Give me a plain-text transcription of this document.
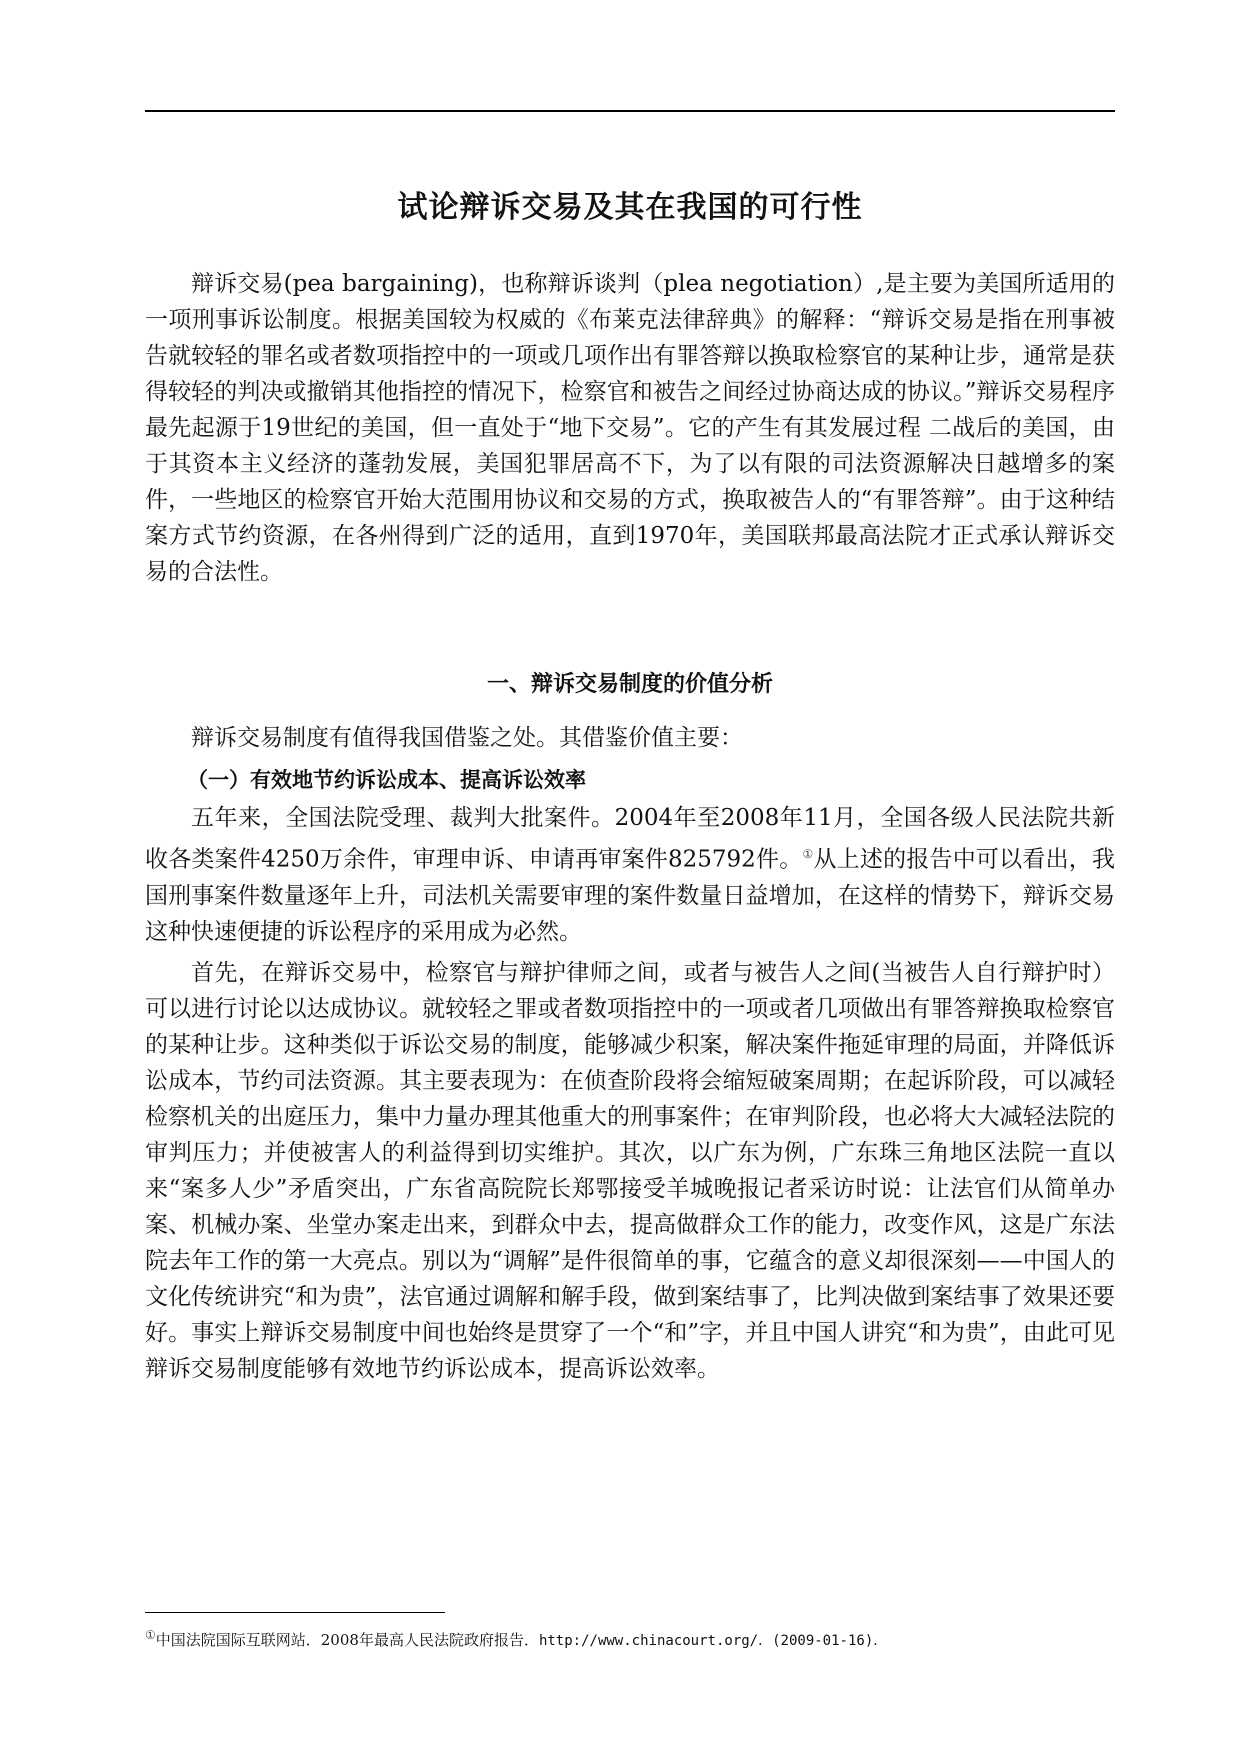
试论辩诉交易及其在我国的可行性

辩诉交易(pea bargaining)，也称辩诉谈判（plea negotiation）,是主要为美国所适用的一项刑事诉讼制度。根据美国较为权威的《布莱克法律辞典》的解释：“辩诉交易是指在刑事被告就较轻的罪名或者数项指控中的一项或几项作出有罪答辩以换取检察官的某种让步，通常是获得较轻的判决或撤销其他指控的情况下，检察官和被告之间经过协商达成的协议。”辩诉交易程序最先起源于19世纪的美国，但一直处于“地下交易”。它的产生有其发展过程 二战后的美国，由于其资本主义经济的蓬勃发展，美国犯罪居高不下，为了以有限的司法资源解决日越增多的案件，一些地区的检察官开始大范围用协议和交易的方式，换取被告人的“有罪答辩”。由于这种结案方式节约资源，在各州得到广泛的适用，直到1970年，美国联邦最高法院才正式承认辩诉交易的合法性。

一、辩诉交易制度的价值分析

辩诉交易制度有值得我国借鉴之处。其借鉴价值主要：

（一）有效地节约诉讼成本、提高诉讼效率

五年来，全国法院受理、裁判大批案件。2004年至2008年11月，全国各级人民法院共新收各类案件4250万余件，审理申诉、申请再审案件825792件。①从上述的报告中可以看出，我国刑事案件数量逐年上升，司法机关需要审理的案件数量日益增加，在这样的情势下，辩诉交易这种快速便捷的诉讼程序的采用成为必然。

首先，在辩诉交易中，检察官与辩护律师之间，或者与被告人之间(当被告人自行辩护时）可以进行讨论以达成协议。就较轻之罪或者数项指控中的一项或者几项做出有罪答辩换取检察官的某种让步。这种类似于诉讼交易的制度，能够减少积案，解决案件拖延审理的局面，并降低诉讼成本，节约司法资源。其主要表现为：在侦查阶段将会缩短破案周期；在起诉阶段，可以减轻检察机关的出庭压力，集中力量办理其他重大的刑事案件；在审判阶段，也必将大大减轻法院的审判压力；并使被害人的利益得到切实维护。其次，以广东为例，广东珠三角地区法院一直以来“案多人少”矛盾突出，广东省高院院长郑鄂接受羊城晚报记者采访时说：让法官们从简单办案、机械办案、坐堂办案走出来，到群众中去，提高做群众工作的能力，改变作风，这是广东法院去年工作的第一大亮点。别以为“调解”是件很简单的事，它蕴含的意义却很深刻——中国人的文化传统讲究“和为贵”，法官通过调解和解手段，做到案结事了，比判决做到案结事了效果还要好。事实上辩诉交易制度中间也始终是贯穿了一个“和”字，并且中国人讲究“和为贵”，由此可见辩诉交易制度能够有效地节约诉讼成本，提高诉讼效率。

①中国法院国际互联网站．2008年最高人民法院政府报告．http://www.chinacourt.org/．(2009-01-16)．
